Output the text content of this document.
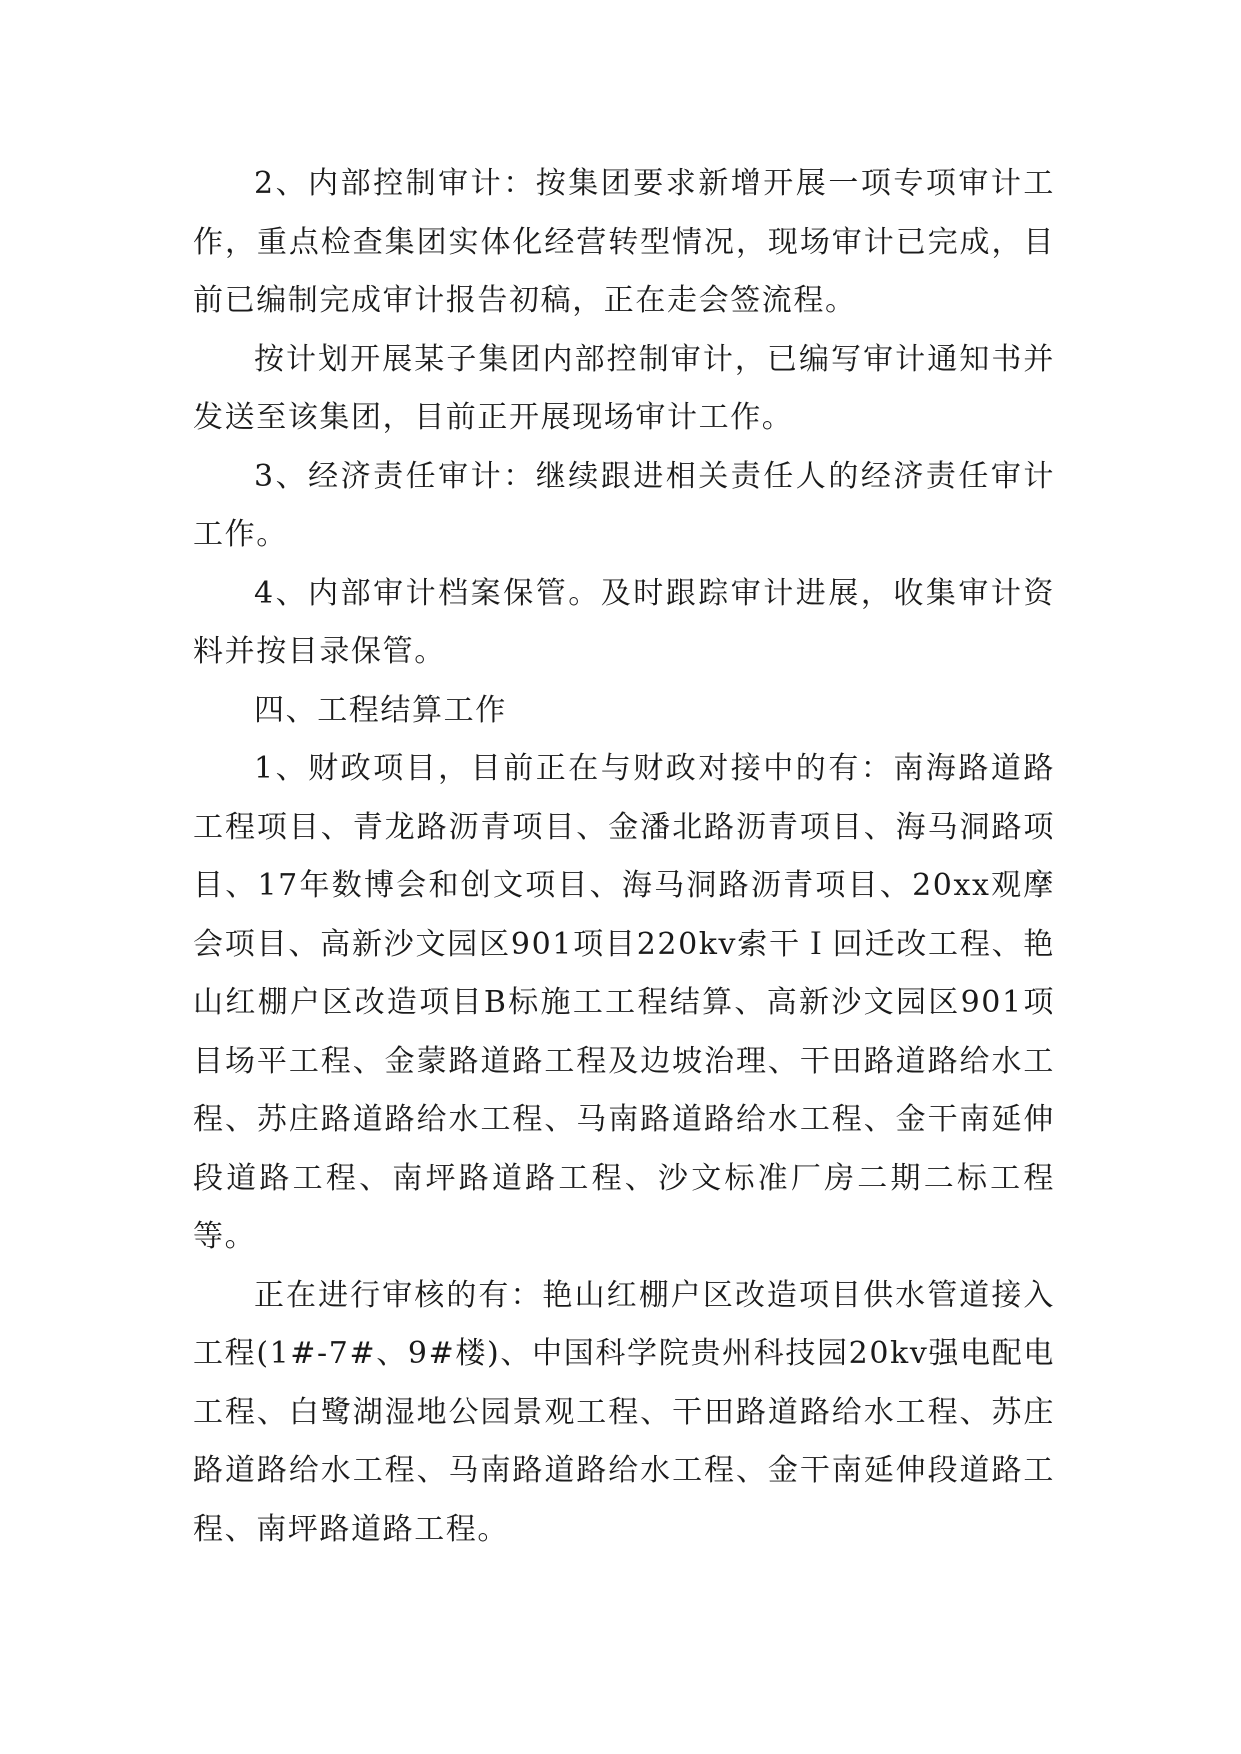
2、内部控制审计：按集团要求新增开展一项专项审计工作，重点检查集团实体化经营转型情况，现场审计已完成，目前已编制完成审计报告初稿，正在走会签流程。

按计划开展某子集团内部控制审计，已编写审计通知书并发送至该集团，目前正开展现场审计工作。

3、经济责任审计：继续跟进相关责任人的经济责任审计工作。

4、内部审计档案保管。及时跟踪审计进展，收集审计资料并按目录保管。

四、工程结算工作

1、财政项目，目前正在与财政对接中的有：南海路道路工程项目、青龙路沥青项目、金潘北路沥青项目、海马洞路项目、17年数博会和创文项目、海马洞路沥青项目、20xx观摩会项目、高新沙文园区901项目220kv索干Ｉ回迁改工程、艳山红棚户区改造项目B标施工工程结算、高新沙文园区901项目场平工程、金蒙路道路工程及边坡治理、干田路道路给水工程、苏庄路道路给水工程、马南路道路给水工程、金干南延伸段道路工程、南坪路道路工程、沙文标准厂房二期二标工程等。

正在进行审核的有：艳山红棚户区改造项目供水管道接入工程(1#-7#、9#楼)、中国科学院贵州科技园20kv强电配电工程、白鹭湖湿地公园景观工程、干田路道路给水工程、苏庄路道路给水工程、马南路道路给水工程、金干南延伸段道路工程、南坪路道路工程。
